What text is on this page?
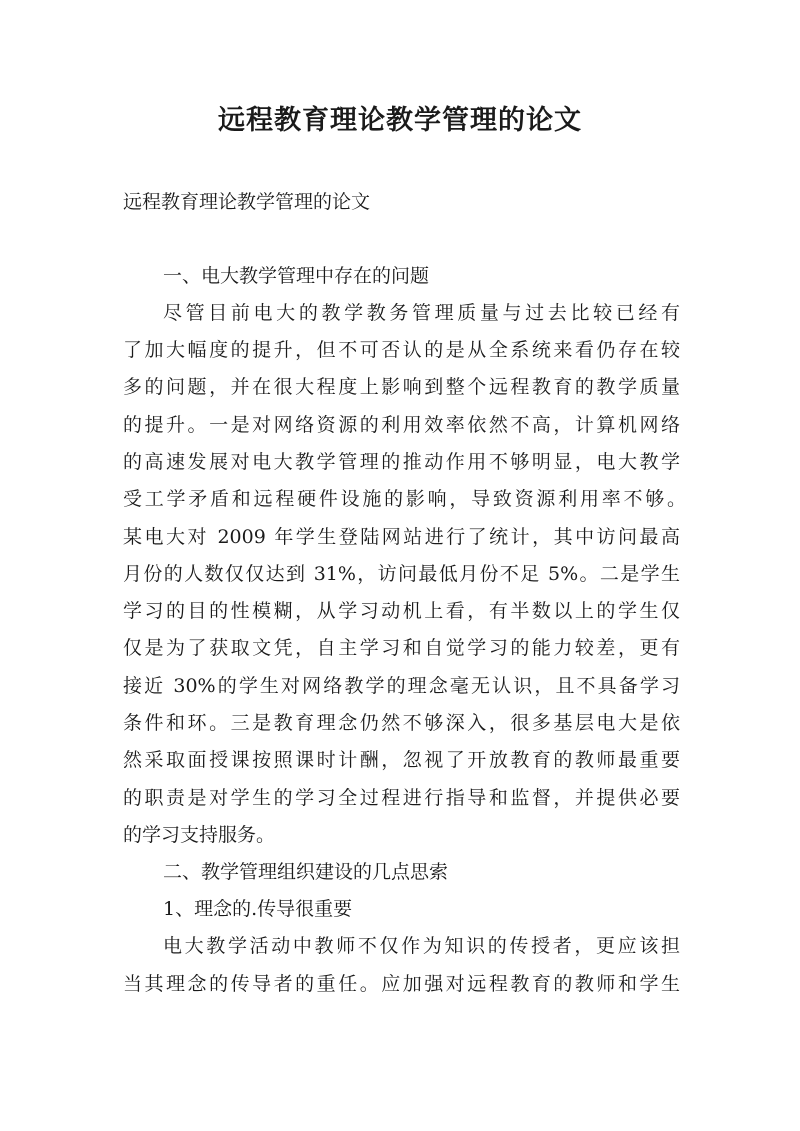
远程教育理论教学管理的论文
远程教育理论教学管理的论文
一、电大教学管理中存在的问题
尽管目前电大的教学教务管理质量与过去比较已经有
了加大幅度的提升，但不可否认的是从全系统来看仍存在较
多的问题，并在很大程度上影响到整个远程教育的教学质量
的提升。一是对网络资源的利用效率依然不高，计算机网络
的高速发展对电大教学管理的推动作用不够明显，电大教学
受工学矛盾和远程硬件设施的影响，导致资源利用率不够。
某电大对 2009 年学生登陆网站进行了统计，其中访问最高
月份的人数仅仅达到 31%，访问最低月份不足 5%。二是学生
学习的目的性模糊，从学习动机上看，有半数以上的学生仅
仅是为了获取文凭，自主学习和自觉学习的能力较差，更有
接近 30%的学生对网络教学的理念毫无认识，且不具备学习
条件和环。三是教育理念仍然不够深入，很多基层电大是依
然采取面授课按照课时计酬，忽视了开放教育的教师最重要
的职责是对学生的学习全过程进行指导和监督，并提供必要
的学习支持服务。
二、教学管理组织建设的几点思索
1、理念的.传导很重要
电大教学活动中教师不仅作为知识的传授者，更应该担
当其理念的传导者的重任。应加强对远程教育的教师和学生
